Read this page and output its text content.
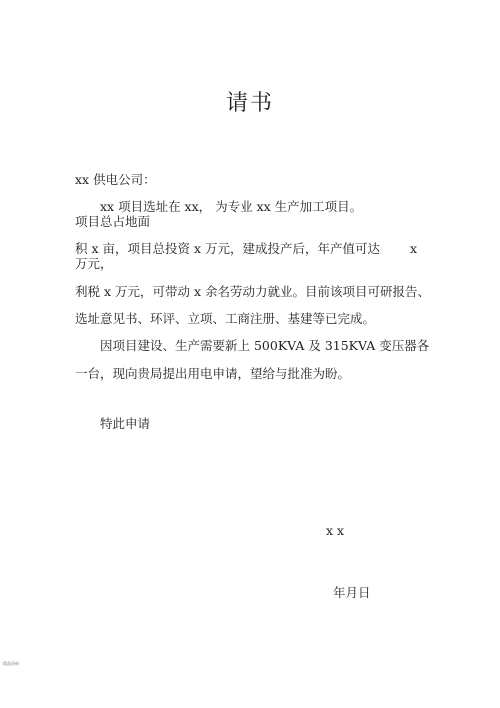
请书
xx 供电公司：
xx 项目选址在 xx， 为专业 xx 生产加工项目。
项目总占地面
积 x 亩，项目总投资 x 万元，建成投产后，年产值可达 x
万元，
利税 x 万元，可带动 x 余名劳动力就业。目前该项目可研报告、
选址意见书、环评、立项、工商注册、基建等已完成。
因项目建设、生产需要新上 500KVA 及 315KVA 变压器各
一台，现向贵局提出用电申请，望给与批准为盼。
特此申请
x x
年月日
精品资料
